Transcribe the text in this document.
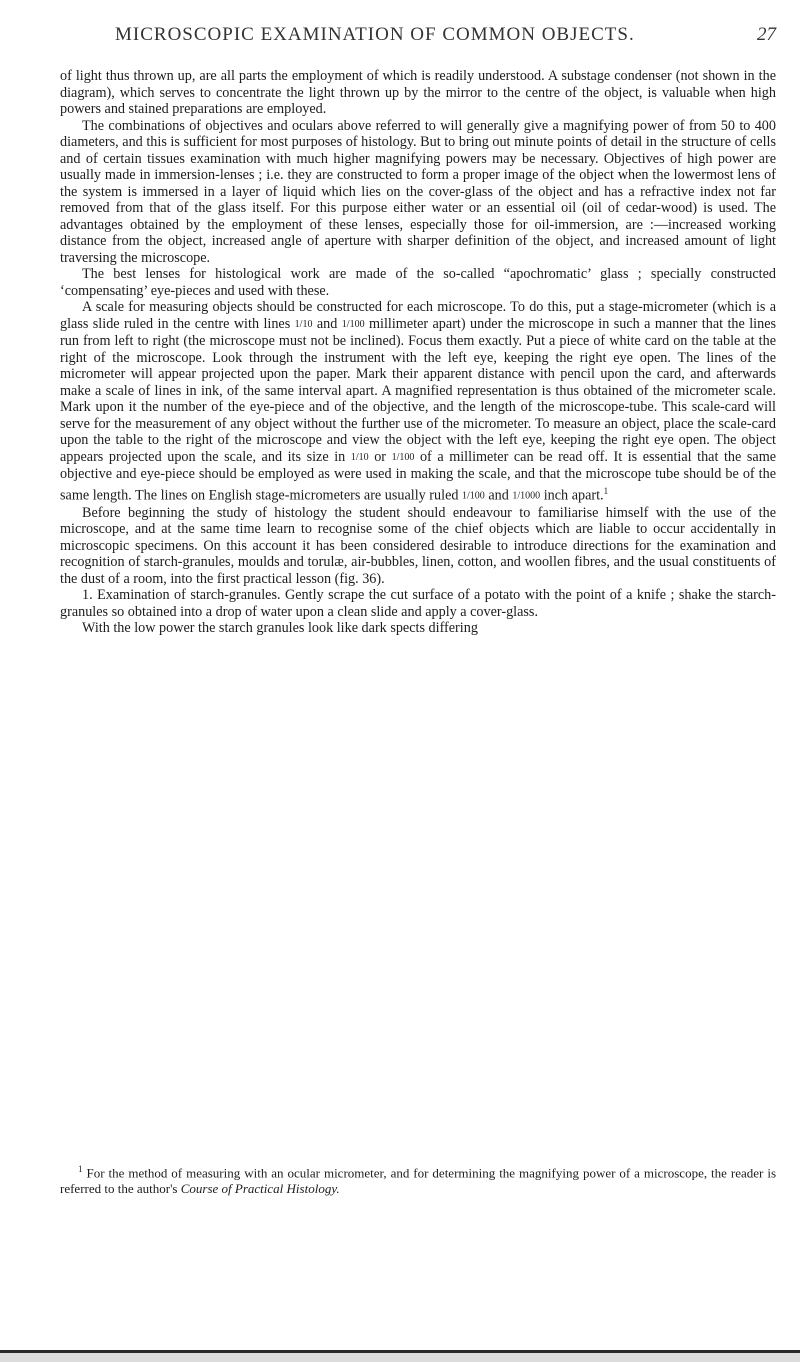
MICROSCOPIC EXAMINATION OF COMMON OBJECTS.	27

of light thus thrown up, are all parts the employment of which is readily understood. A substage condenser (not shown in the diagram), which serves to concentrate the light thrown up by the mirror to the centre of the object, is valuable when high powers and stained preparations are employed.

The combinations of objectives and oculars above referred to will generally give a magnifying power of from 50 to 400 diameters, and this is sufficient for most purposes of histology. But to bring out minute points of detail in the structure of cells and of certain tissues examination with much higher magnifying powers may be necessary. Objectives of high power are usually made in immersion-lenses ; i.e. they are constructed to form a proper image of the object when the lowermost lens of the system is immersed in a layer of liquid which lies on the cover-glass of the object and has a refractive index not far removed from that of the glass itself. For this purpose either water or an essential oil (oil of cedar-wood) is used. The advantages obtained by the employment of these lenses, especially those for oil-immersion, are :—increased working distance from the object, increased angle of aperture with sharper definition of the object, and increased amount of light traversing the microscope.

The best lenses for histological work are made of the so-called “apochromatic’ glass ; specially constructed ‘compensating’ eye-pieces and used with these.

A scale for measuring objects should be constructed for each microscope. To do this, put a stage-micrometer (which is a glass slide ruled in the centre with lines 1/10 and 1/100 millimeter apart) under the microscope in such a manner that the lines run from left to right (the microscope must not be inclined). Focus them exactly. Put a piece of white card on the table at the right of the microscope. Look through the instrument with the left eye, keeping the right eye open. The lines of the micrometer will appear projected upon the paper. Mark their apparent distance with pencil upon the card, and afterwards make a scale of lines in ink, of the same interval apart. A magnified representation is thus obtained of the micrometer scale. Mark upon it the number of the eye-piece and of the objective, and the length of the microscope-tube. This scale-card will serve for the measurement of any object without the further use of the micrometer. To measure an object, place the scale-card upon the table to the right of the microscope and view the object with the left eye, keeping the right eye open. The object appears projected upon the scale, and its size in 1/10 or 1/100 of a millimeter can be read off. It is essential that the same objective and eye-piece should be employed as were used in making the scale, and that the microscope tube should be of the same length. The lines on English stage-micrometers are usually ruled 1/100 and 1/1000 inch apart.$^1$

Before beginning the study of histology the student should endeavour to familiarise himself with the use of the microscope, and at the same time learn to recognise some of the chief objects which are liable to occur accidentally in microscopic specimens. On this account it has been considered desirable to introduce directions for the examination and recognition of starch-granules, moulds and torulæ, air-bubbles, linen, cotton, and woollen fibres, and the usual constituents of the dust of a room, into the first practical lesson (fig. 36).

1. Examination of starch-granules. Gently scrape the cut surface of a potato with the point of a knife ; shake the starch-granules so obtained into a drop of water upon a clean slide and apply a cover-glass.

With the low power the starch granules look like dark spects differing

$^1$ For the method of measuring with an ocular micrometer, and for determining the magnifying power of a microscope, the reader is referred to the author's Course of Practical Histology.
